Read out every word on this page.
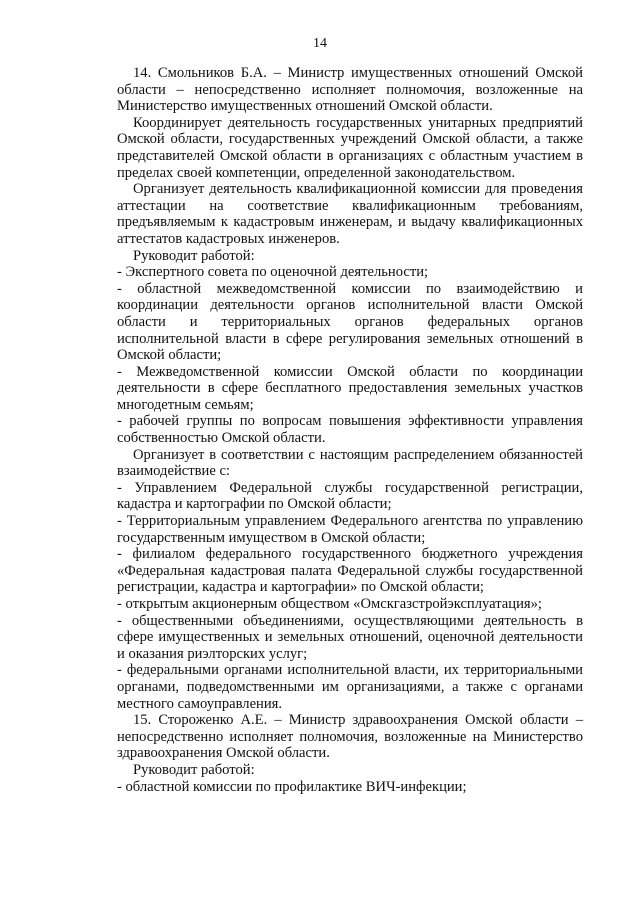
14

14. Смольников Б.А. – Министр имущественных отношений Омской области – непосредственно исполняет полномочия, возложенные на Министерство имущественных отношений Омской области.

Координирует деятельность государственных унитарных предприятий Омской области, государственных учреждений Омской области, а также представителей Омской области в организациях с областным участием в пределах своей компетенции, определенной законодательством.

Организует деятельность квалификационной комиссии для проведения аттестации на соответствие квалификационным требованиям, предъявляемым к кадастровым инженерам, и выдачу квалификационных аттестатов кадастровых инженеров.

Руководит работой:

- Экспертного совета по оценочной деятельности;

- областной межведомственной комиссии по взаимодействию и координации деятельности органов исполнительной власти Омской области и территориальных органов федеральных органов исполнительной власти в сфере регулирования земельных отношений в Омской области;

- Межведомственной комиссии Омской области по координации деятельности в сфере бесплатного предоставления земельных участков многодетным семьям;

- рабочей группы по вопросам повышения эффективности управления собственностью Омской области.

Организует в соответствии с настоящим распределением обязанностей взаимодействие с:

- Управлением Федеральной службы государственной регистрации, кадастра и картографии по Омской области;

- Территориальным управлением Федерального агентства по управлению государственным имуществом в Омской области;

- филиалом федерального государственного бюджетного учреждения «Федеральная кадастровая палата Федеральной службы государственной регистрации, кадастра и картографии» по Омской области;

- открытым акционерным обществом «Омскгазстройэксплуатация»;

- общественными объединениями, осуществляющими деятельность в сфере имущественных и земельных отношений, оценочной деятельности и оказания риэлторских услуг;

- федеральными органами исполнительной власти, их территориальными органами, подведомственными им организациями, а также с органами местного самоуправления.

15. Стороженко А.Е. – Министр здравоохранения Омской области – непосредственно исполняет полномочия, возложенные на Министерство здравоохранения Омской области.

Руководит работой:

- областной комиссии по профилактике ВИЧ-инфекции;
